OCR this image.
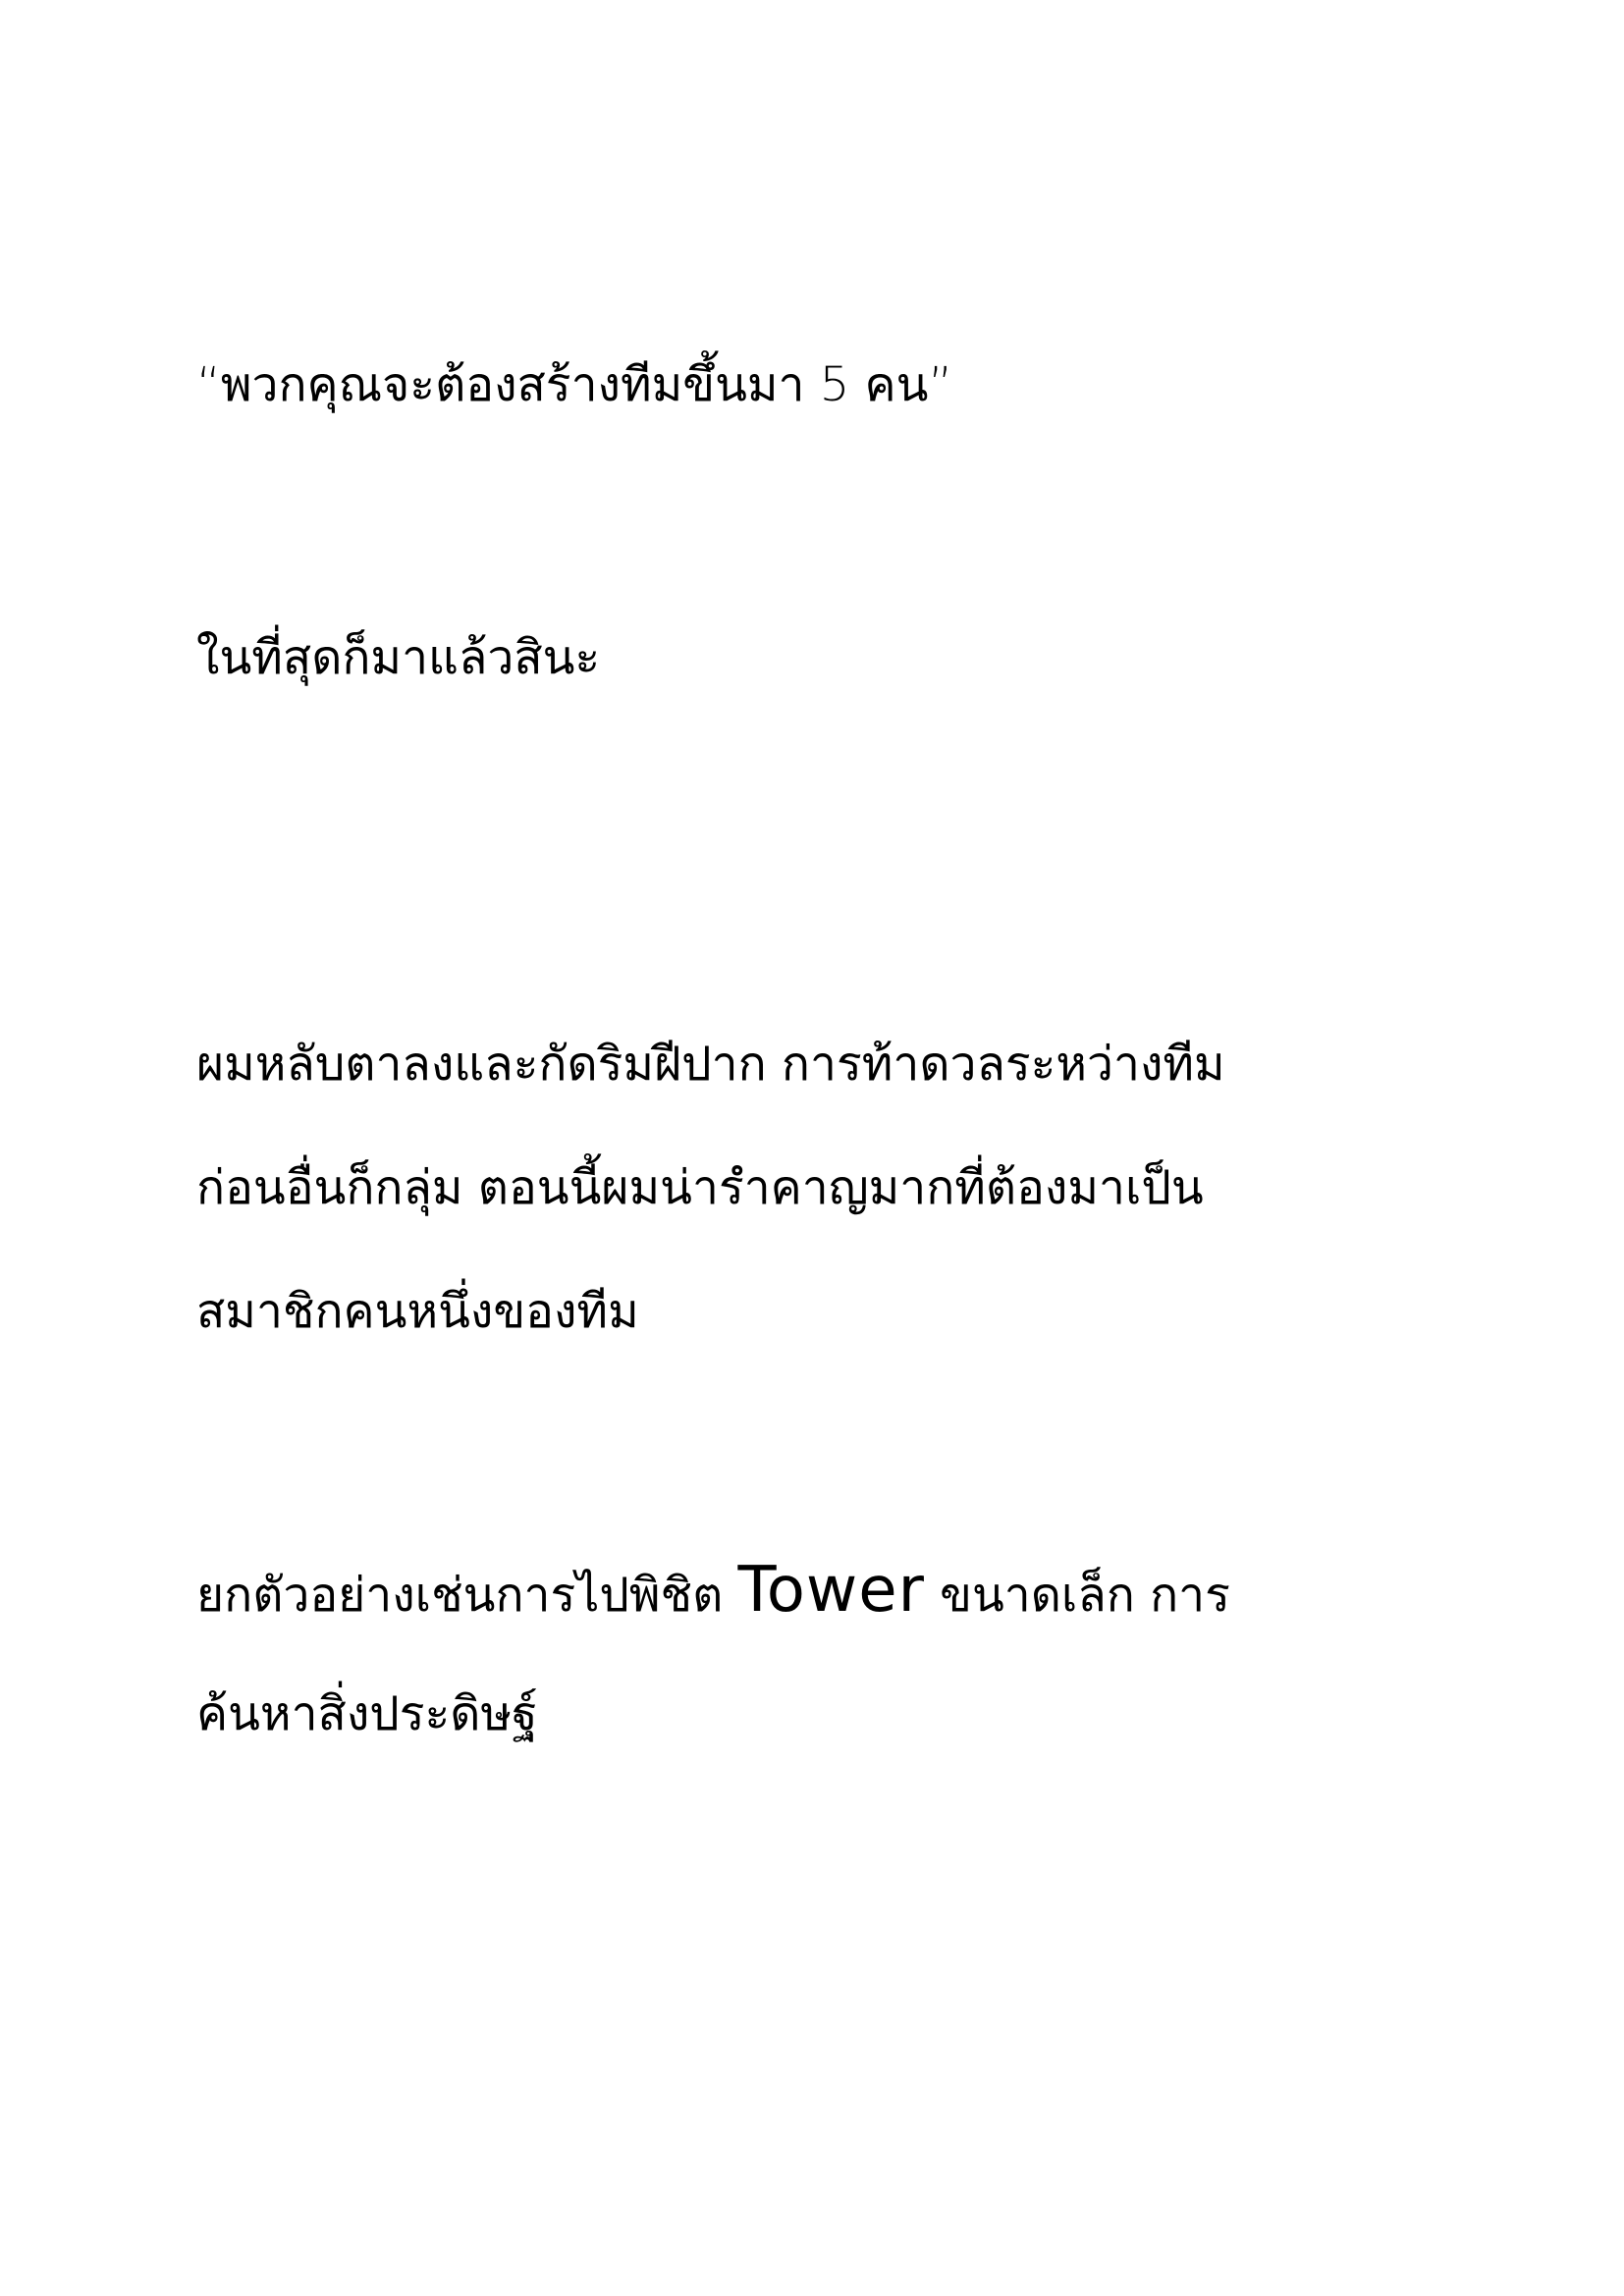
“พวกคุณจะต้องสร้างทีมขึ้นมา 5 คน”
ในที่สุดก็มาแล้วสินะ
ผมหลับตาลงและกัดริมฝีปาก การท้าดวลระหว่างทีม
ก่อนอื่นก็กลุ่ม ตอนนี้ผมน่ารำคาญมากที่ต้องมาเป็น
สมาชิกคนหนึ่งของทีม
ยกตัวอย่างเช่นการไปพิชิต Tower ขนาดเล็ก การ
ค้นหาสิ่งประดิษฐ์
